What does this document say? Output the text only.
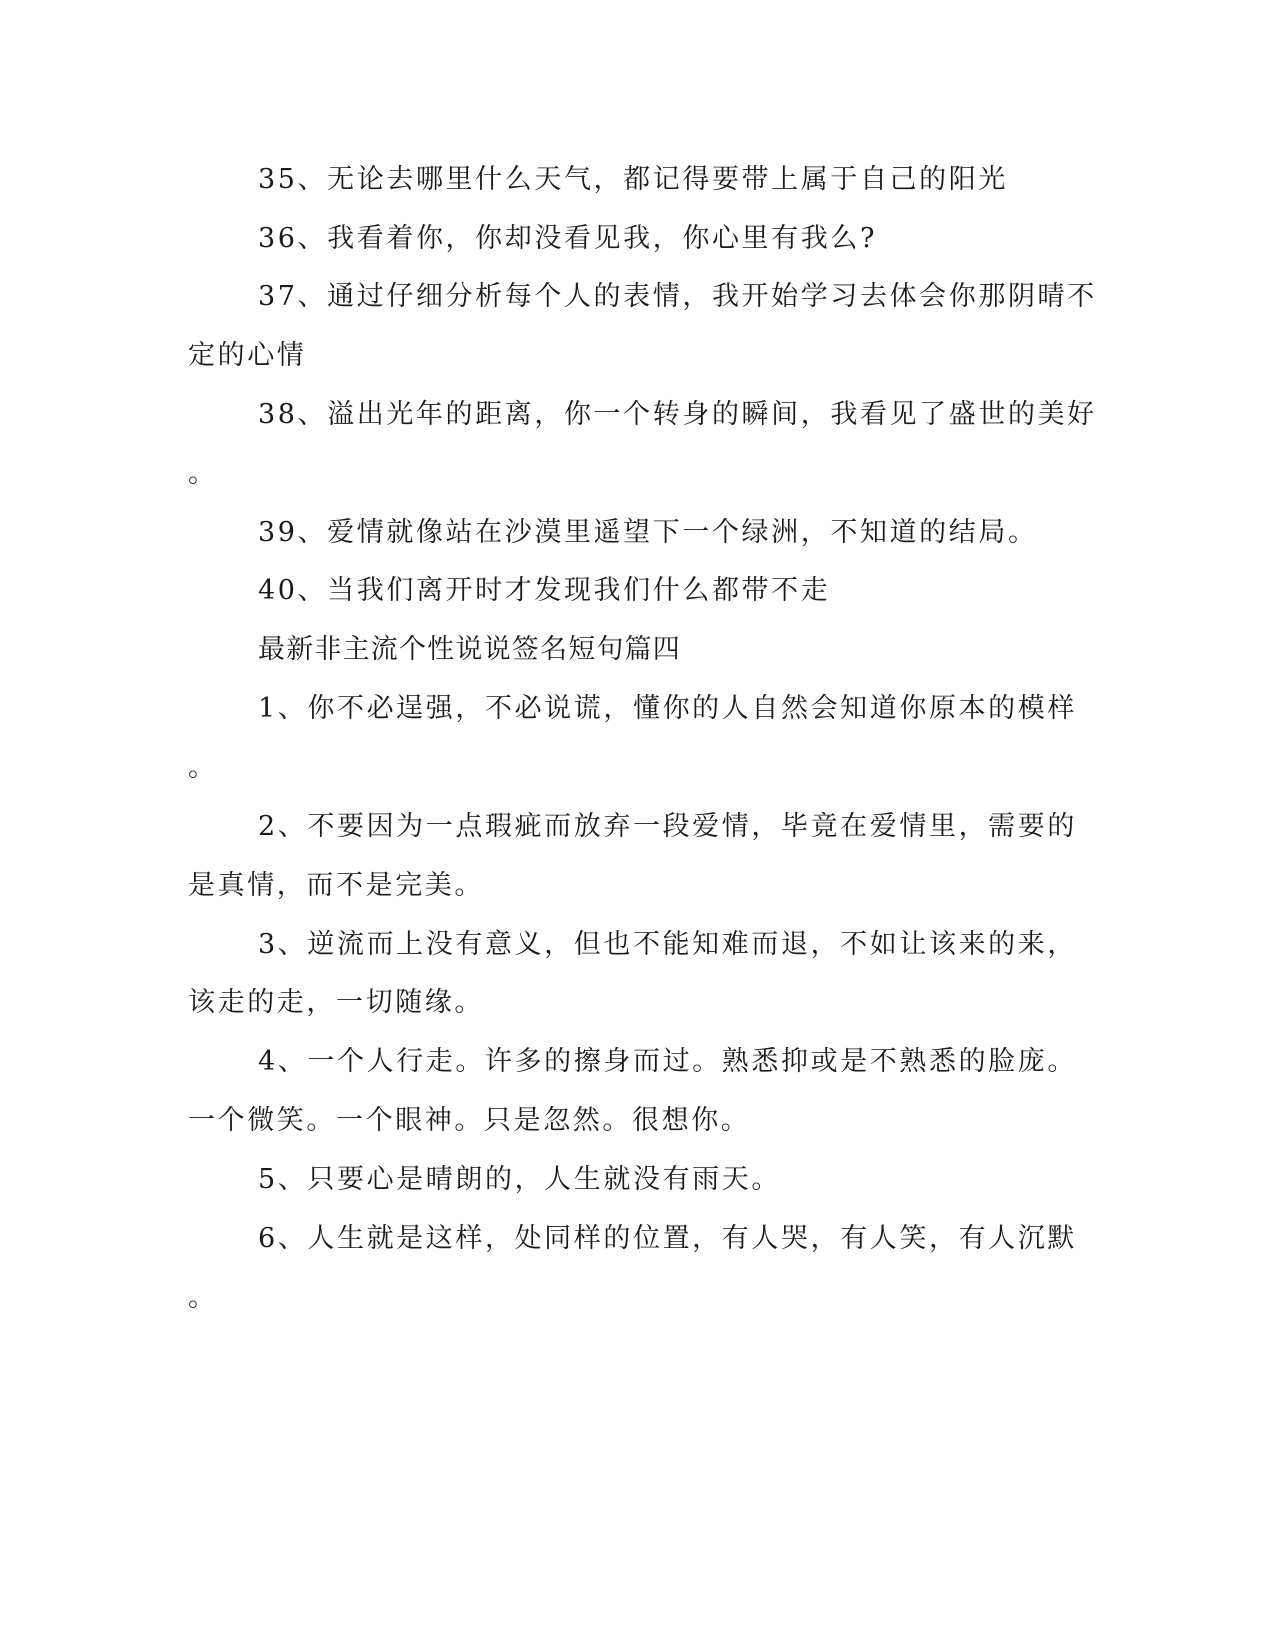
35、无论去哪里什么天气，都记得要带上属于自己的阳光
36、我看着你，你却没看见我，你心里有我么?
37、通过仔细分析每个人的表情，我开始学习去体会你那阴晴不
定的心情
38、溢出光年的距离，你一个转身的瞬间，我看见了盛世的美好
。
39、爱情就像站在沙漠里遥望下一个绿洲，不知道的结局。
40、当我们离开时才发现我们什么都带不走
最新非主流个性说说签名短句篇四
1、你不必逞强，不必说谎，懂你的人自然会知道你原本的模样
。
2、不要因为一点瑕疵而放弃一段爱情，毕竟在爱情里，需要的
是真情，而不是完美。
3、逆流而上没有意义，但也不能知难而退，不如让该来的来，
该走的走，一切随缘。
4、一个人行走。许多的擦身而过。熟悉抑或是不熟悉的脸庞。
一个微笑。一个眼神。只是忽然。很想你。
5、只要心是晴朗的，人生就没有雨天。
6、人生就是这样，处同样的位置，有人哭，有人笑，有人沉默
。
